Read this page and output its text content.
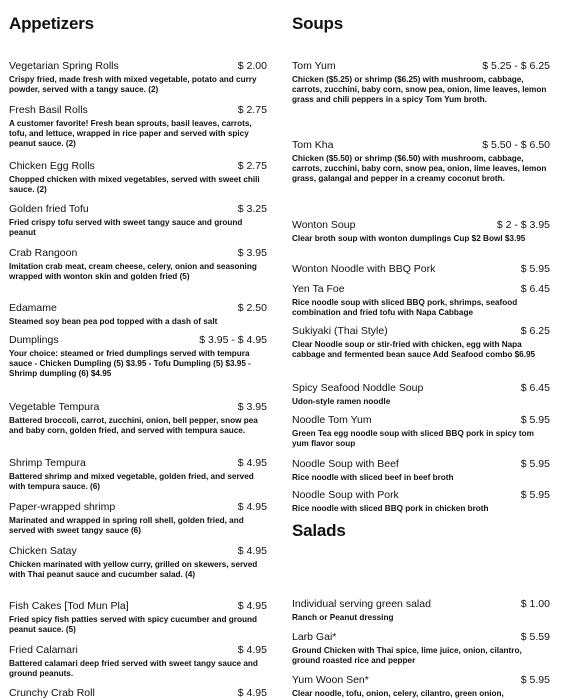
Appetizers
Vegetarian Spring Rolls	$ 2.00
Crispy fried, made fresh with mixed vegetable, potato and curry powder, served with a tangy sauce. (2)
Fresh Basil Rolls	$ 2.75
A customer favorite! Fresh bean sprouts, basil leaves, carrots, tofu, and lettuce, wrapped in rice paper and served with spicy peanut sauce. (2)
Chicken Egg Rolls	$ 2.75
Chopped chicken with mixed vegetables, served with sweet chili sauce. (2)
Golden fried Tofu	$ 3.25
Fried crispy tofu served with sweet tangy sauce and ground peanut
Crab Rangoon	$ 3.95
Imitation crab meat, cream cheese, celery, onion and seasoning wrapped with wonton skin and golden fried (5)
Edamame	$ 2.50
Steamed soy bean pea pod topped with a dash of salt
Dumplings	$ 3.95 - $ 4.95
Your choice: steamed or fried dumplings served with tempura sauce - Chicken Dumpling (5) $3.95 - Tofu Dumpling (5) $3.95 - Shrimp dumpling (6) $4.95
Vegetable Tempura	$ 3.95
Battered broccoli, carrot, zucchini, onion, bell pepper, snow pea and baby corn, golden fried, and served with tempura sauce.
Shrimp Tempura	$ 4.95
Battered shrimp and mixed vegetable, golden fried, and served with tempura sauce. (6)
Paper-wrapped shrimp	$ 4.95
Marinated and wrapped in spring roll shell, golden fried, and served with sweet tangy sauce (6)
Chicken Satay	$ 4.95
Chicken marinated with yellow curry, grilled on skewers, served with Thai peanut sauce and cucumber salad. (4)
Fish Cakes [Tod Mun Pla]	$ 4.95
Fried spicy fish patties served with spicy cucumber and ground peanut sauce. (5)
Fried Calamari	$ 4.95
Battered calamari deep fried served with sweet tangy sauce and ground peanuts.
Crunchy Crab Roll	$ 4.95
Soups
Tom Yum	$ 5.25 - $ 6.25
Chicken ($5.25) or shrimp ($6.25) with mushroom, cabbage, carrots, zucchini, baby corn, snow pea, onion, lime leaves, lemon grass and chili peppers in a spicy Tom Yum broth.
Tom Kha	$ 5.50 - $ 6.50
Chicken ($5.50) or shrimp ($6.50) with mushroom, cabbage, carrots, zucchini, baby corn, snow pea, onion, lime leaves, lemon grass, galangal and pepper in a creamy coconut broth.
Wonton Soup	$ 2 - $ 3.95
Clear broth soup with wonton dumplings Cup $2 Bowl $3.95
Wonton Noodle with BBQ Pork	$ 5.95
Yen Ta Foe	$ 6.45
Rice noodle soup with sliced BBQ pork, shrimps, seafood combination and fried tofu with Napa Cabbage
Sukiyaki (Thai Style)	$ 6.25
Clear Noodle soup or stir-fried with chicken, egg with Napa cabbage and fermented bean sauce Add Seafood combo $6.95
Spicy Seafood Noddle Soup	$ 6.45
Udon-style ramen noodle
Noodle Tom Yum	$ 5.95
Green Tea egg noodle soup with sliced BBQ pork in spicy tom yum flavor soup
Noodle Soup with Beef	$ 5.95
Rice noodle with sliced beef in beef broth
Noodle Soup with Pork	$ 5.95
Rice noodle with sliced BBQ pork in chicken broth
Salads
Individual serving green salad	$ 1.00
Ranch or Peanut dressing
Larb Gai*	$ 5.59
Ground Chicken with Thai spice, lime juice, onion, cilantro, ground roasted rice and pepper
Yum Woon Sen*	$ 5.95
Clear noodle, tofu, onion, celery, cilantro, green onion,
